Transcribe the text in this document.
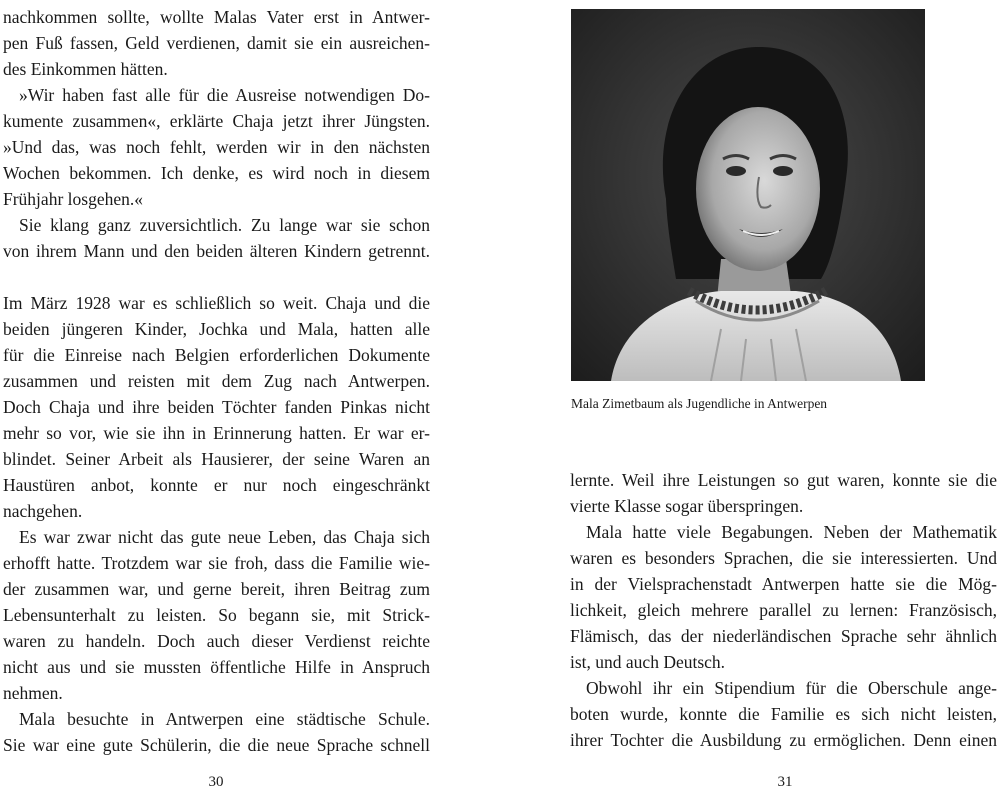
nachkommen sollte, wollte Malas Vater erst in Antwer-

pen Fuß fassen, Geld verdienen, damit sie ein ausreichen-

des Einkommen hätten.

»Wir haben fast alle für die Ausreise notwendigen Do-

kumente zusammen«, erklärte Chaja jetzt ihrer Jüngsten.

»Und das, was noch fehlt, werden wir in den nächsten

Wochen bekommen. Ich denke, es wird noch in diesem

Frühjahr losgehen.«

Sie klang ganz zuversichtlich. Zu lange war sie schon

von ihrem Mann und den beiden älteren Kindern getrennt.

Im März 1928 war es schließlich so weit. Chaja und die

beiden jüngeren Kinder, Jochka und Mala, hatten alle

für die Einreise nach Belgien erforderlichen Dokumente

zusammen und reisten mit dem Zug nach Antwerpen.

Doch Chaja und ihre beiden Töchter fanden Pinkas nicht

mehr so vor, wie sie ihn in Erinnerung hatten. Er war er-

blindet. Seiner Arbeit als Hausierer, der seine Waren an

Haustüren anbot, konnte er nur noch eingeschränkt

nachgehen.

Es war zwar nicht das gute neue Leben, das Chaja sich

erhofft hatte. Trotzdem war sie froh, dass die Familie wie-

der zusammen war, und gerne bereit, ihren Beitrag zum

Lebensunterhalt zu leisten. So begann sie, mit Strick-

waren zu handeln. Doch auch dieser Verdienst reichte

nicht aus und sie mussten öffentliche Hilfe in Anspruch

nehmen.

Mala besuchte in Antwerpen eine städtische Schule.

Sie war eine gute Schülerin, die die neue Sprache schnell

30

Mala Zimetbaum als Jugendliche in Antwerpen

lernte. Weil ihre Leistungen so gut waren, konnte sie die

vierte Klasse sogar überspringen.

Mala hatte viele Begabungen. Neben der Mathematik

waren es besonders Sprachen, die sie interessierten. Und

in der Vielsprachenstadt Antwerpen hatte sie die Mög-

lichkeit, gleich mehrere parallel zu lernen: Französisch,

Flämisch, das der niederländischen Sprache sehr ähnlich

ist, und auch Deutsch.

Obwohl ihr ein Stipendium für die Oberschule ange-

boten wurde, konnte die Familie es sich nicht leisten,

ihrer Tochter die Ausbildung zu ermöglichen. Denn einen

31
